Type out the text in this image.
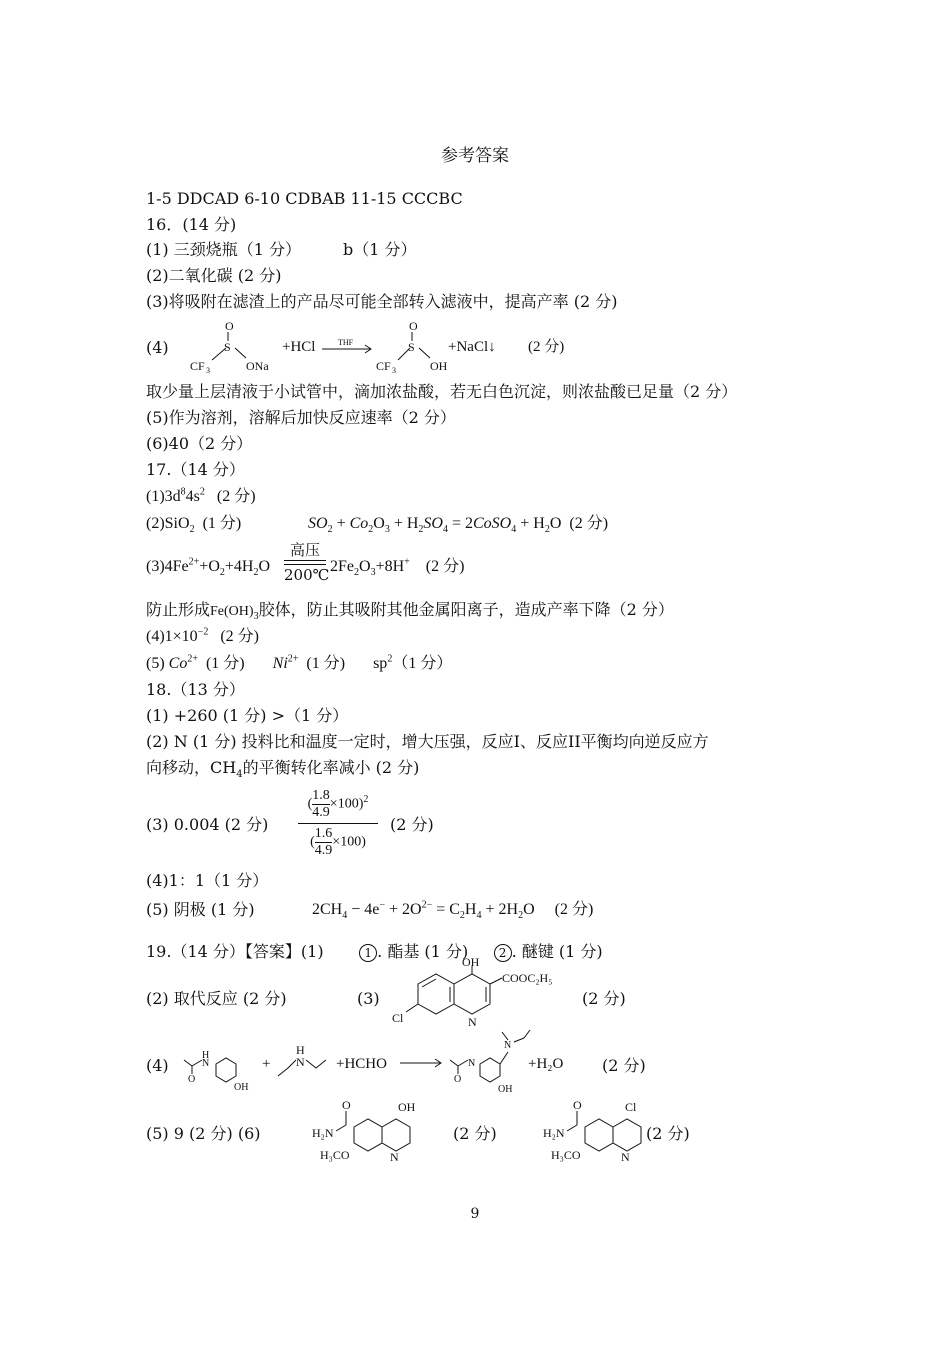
参考答案
1-5 DDCAD 6-10 CDBAB 11-15 CCCBC
16．(14 分)
(1) 三颈烧瓶（1 分）	b（1 分）
(2)二氧化碳 (2 分)
(3)将吸附在滤渣上的产品尽可能全部转入滤液中，提高产率 (2 分)
(4)
CF 3
S
O
ONa
+HCl	THF
CF 3
S
O
OH
+NaCl↓ (2 分)
取少量上层清液于小试管中，滴加浓盐酸，若无白色沉淀，则浓盐酸已足量（2 分）
(5)作为溶剂，溶解后加快反应速率（2 分）
(6)40（2 分）
17.（14 分）
$(1)3d^84s^2$ (2 分)
(2)SiO$_2$ (1 分)	$SO_2 + Co_2O_3 + H_2SO_4$ = 2CoSO$_4$ + $H_2O$  (2 分)
$(3)4Fe^{2+}+O_2+4H_2O$
高压
200℃ $2Fe_2O_3+8H^+$ (2 分)
防止形成$Fe(OH)_3$胶体，防止其吸附其他金属阳离子，造成产率下降（2 分）
$(4)1\times 10^{-2}$ (2 分)
(5) $Co^{2+}$ (1 分) $Ni^{2+}$ (1 分)       $sp^2(1$ 分）
18.（13 分）
(1) +260 (1 分) >（1 分）
(2) N (1 分) 投料比和温度一定时，增大压强，反应I、反应II平衡均向逆反应方
向移动，$CH_4$的平衡转化率减小 (2 分)
(3) 0.004 (2 分)
( $\frac{1.8}{4.9} \times 100)^2$
( $\frac{1.6}{4.9} \times 100$)
(2 分)
(4)1：1（1 分）
(5) 阴极 (1 分)	$2CH_4 - 4e^- + 2O^{2-} = C_2H_4 + 2H_2O$     (2 分)
19.（14 分）【答案】(1)	1 . 酯基 (1 分)	2 . 醚键 (1 分)
(2) 取代反应 (2 分)	(3)
OH
COOC₂H₅
N
Cl
(2 分)
(4)
O
H
N
OH
+
H
N +HCHO
O
N
N
OH
+H₂O (2 分)
(5) 9 (2 分) (6)	H₂N
O	OH
N
H₃CO
(2 分)	H₂N
O	Cl
N
H₃CO
(2 分)
9
